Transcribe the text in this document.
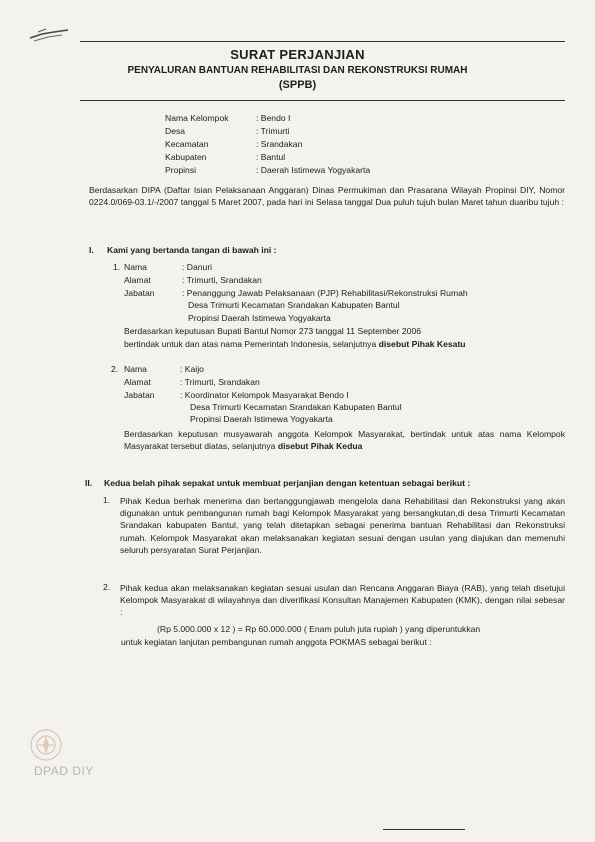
SURAT PERJANJIAN
PENYALURAN BANTUAN REHABILITASI DAN REKONSTRUKSI RUMAH
(SPPB)
Nama Kelompok	: Bendo I
Desa	: Trimurti
Kecamatan	: Srandakan
Kabupaten	: Bantul
Propinsi	: Daerah Istimewa Yogyakarta
Berdasarkan DIPA (Daftar Isian Pelaksanaan Anggaran) Dinas Permukiman dan Prasarana Wilayah Propinsi DIY, Nomor 0224.0/069-03.1/-/2007 tanggal 5 Maret 2007, pada hari ini Selasa tanggal Dua puluh tujuh bulan Maret tahun duaribu tujuh :
I. Kami yang bertanda tangan di bawah ini :
1. Nama	: Danuri
Alamat	: Trimurti, Srandakan
Jabatan	: Penanggung Jawab Pelaksanaan (PJP) Rehabilitasi/Rekonstruksi Rumah
Desa Trimurti Kecamatan Srandakan Kabupaten Bantul
Propinsi Daerah Istimewa Yogyakarta
Berdasarkan keputusan Bupati Bantul Nomor 273 tanggal 11 September 2006
bertindak untuk dan atas nama Pemerintah Indonesia, selanjutnya disebut Pihak Kesatu
2. Nama	: Kaijo
Alamat	: Trimurti, Srandakan
Jabatan	: Koordinator Kelompok Masyarakat Bendo I
Desa Trimurti Kecamatan Srandakan Kabupaten Bantul
Propinsi Daerah Istimewa Yogyakarta
Berdasarkan keputusan musyawarah anggota Kelompok Masyarakat, bertindak untuk atas nama Kelompok Masyarakat tersebut diatas, selanjutnya disebut Pihak Kedua
II. Kedua belah pihak sepakat untuk membuat perjanjian dengan ketentuan sebagai berikut :
1. Pihak Kedua berhak menerima dan bertanggungjawab mengelola dana Rehabilitasi dan Rekonstruksi yang akan digunakan untuk pembangunan rumah bagi Kelompok Masyarakat yang bersangkutan,di desa Trimurti Kecamatan Srandakan kabupaten Bantul, yang telah ditetapkan sebagai penerima bantuan Rehabilitasi dan Rekonstruksi rumah. Kelompok Masyarakat akan melaksanakan kegiatan sesuai dengan usulan yang diajukan dan memenuhi seluruh persyaratan Surat Perjanjian.
2. Pihak kedua akan melaksanakan kegiatan sesuai usulan dan Rencana Anggaran Biaya (RAB), yang telah disetujui Kelompok Masyarakat di wilayahnya dan diverifikasi Konsultan Manajemen Kabupaten (KMK), dengan nilai sebesar :
(Rp 5.000.000 x 12 ) = Rp 60.000.000 ( Enam puluh juta rupiah ) yang diperuntukkan
untuk kegiatan lanjutan pembangunan rumah anggota POKMAS sebagai berikut :
DPAD DIY
